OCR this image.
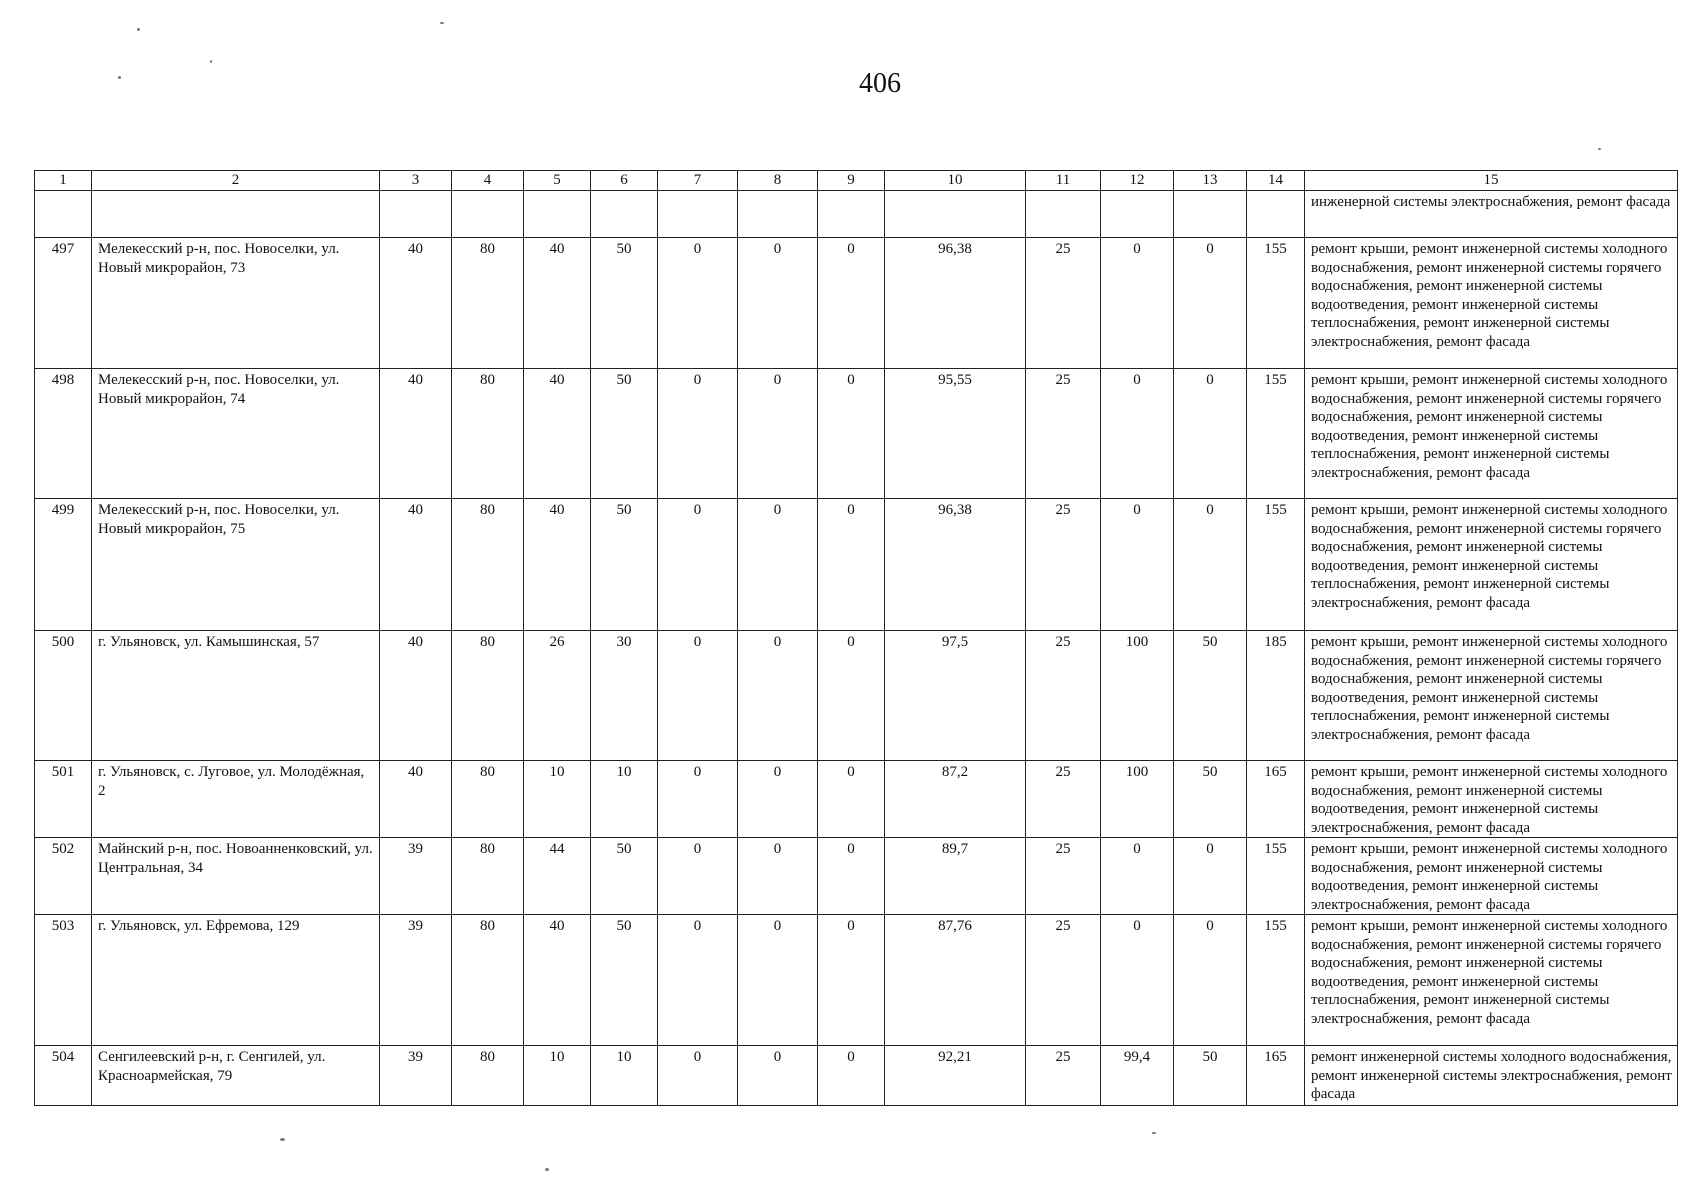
406
1	2	3	4	5	6	7	8	9	10	11	12	13	14	15
														инженерной системы электроснабжения, ремонт фасада
497	Мелекесский р-н, пос. Новоселки, ул. Новый микрорайон, 73	40	80	40	50	0	0	0	96,38	25	0	0	155	ремонт крыши, ремонт инженерной системы холодного водоснабжения, ремонт инженерной системы горячего водоснабжения, ремонт инженерной системы водоотведения, ремонт инженерной системы теплоснабжения, ремонт инженерной системы электроснабжения, ремонт фасада
498	Мелекесский р-н, пос. Новоселки, ул. Новый микрорайон, 74	40	80	40	50	0	0	0	95,55	25	0	0	155	ремонт крыши, ремонт инженерной системы холодного водоснабжения, ремонт инженерной системы горячего водоснабжения, ремонт инженерной системы водоотведения, ремонт инженерной системы теплоснабжения, ремонт инженерной системы электроснабжения, ремонт фасада
499	Мелекесский р-н, пос. Новоселки, ул. Новый микрорайон, 75	40	80	40	50	0	0	0	96,38	25	0	0	155	ремонт крыши, ремонт инженерной системы холодного водоснабжения, ремонт инженерной системы горячего водоснабжения, ремонт инженерной системы водоотведения, ремонт инженерной системы теплоснабжения, ремонт инженерной системы электроснабжения, ремонт фасада
500	г. Ульяновск, ул. Камышинская, 57	40	80	26	30	0	0	0	97,5	25	100	50	185	ремонт крыши, ремонт инженерной системы холодного водоснабжения, ремонт инженерной системы горячего водоснабжения, ремонт инженерной системы водоотведения, ремонт инженерной системы теплоснабжения, ремонт инженерной системы электроснабжения, ремонт фасада
501	г. Ульяновск, с. Луговое, ул. Молодёжная, 2	40	80	10	10	0	0	0	87,2	25	100	50	165	ремонт крыши, ремонт инженерной системы холодного водоснабжения, ремонт инженерной системы водоотведения, ремонт инженерной системы электроснабжения, ремонт фасада
502	Майнский р-н, пос. Новоанненковский, ул. Центральная, 34	39	80	44	50	0	0	0	89,7	25	0	0	155	ремонт крыши, ремонт инженерной системы холодного водоснабжения, ремонт инженерной системы водоотведения, ремонт инженерной системы электроснабжения, ремонт фасада
503	г. Ульяновск, ул. Ефремова, 129	39	80	40	50	0	0	0	87,76	25	0	0	155	ремонт крыши, ремонт инженерной системы холодного водоснабжения, ремонт инженерной системы горячего водоснабжения, ремонт инженерной системы водоотведения, ремонт инженерной системы теплоснабжения, ремонт инженерной системы электроснабжения, ремонт фасада
504	Сенгилеевский р-н, г. Сенгилей, ул. Красноармейская, 79	39	80	10	10	0	0	0	92,21	25	99,4	50	165	ремонт инженерной системы холодного водоснабжения, ремонт инженерной системы электроснабжения, ремонт фасада
